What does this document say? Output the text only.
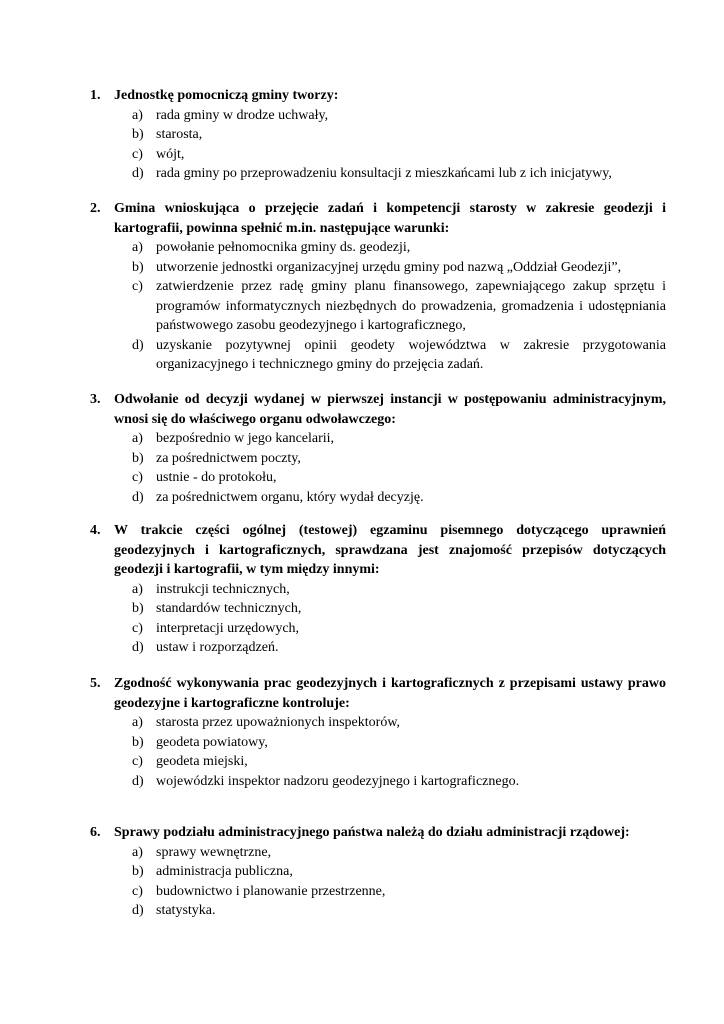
1. Jednostkę pomocniczą gminy tworzy:
a) rada gminy w drodze uchwały,
b) starosta,
c) wójt,
d) rada gminy po przeprowadzeniu konsultacji z mieszkańcami lub z ich inicjatywy,
2. Gmina wnioskująca o przejęcie zadań i kompetencji starosty w zakresie geodezji i kartografii, powinna spełnić m.in. następujące warunki:
a) powołanie pełnomocnika gminy ds. geodezji,
b) utworzenie jednostki organizacyjnej urzędu gminy pod nazwą „Oddział Geodezji”,
c) zatwierdzenie przez radę gminy planu finansowego, zapewniającego zakup sprzętu i programów informatycznych niezbędnych do prowadzenia, gromadzenia i udostępniania państwowego zasobu geodezyjnego i kartograficznego,
d) uzyskanie pozytywnej opinii geodety województwa w zakresie przygotowania organizacyjnego i technicznego gminy do przejęcia zadań.
3. Odwołanie od decyzji wydanej w pierwszej instancji w postępowaniu administracyjnym, wnosi się do właściwego organu odwoławczego:
a) bezpośrednio w jego kancelarii,
b) za pośrednictwem poczty,
c) ustnie - do protokołu,
d) za pośrednictwem organu, który wydał decyzję.
4. W trakcie części ogólnej (testowej) egzaminu pisemnego dotyczącego uprawnień geodezyjnych i kartograficznych, sprawdzana jest znajomość przepisów dotyczących geodezji i kartografii, w tym między innymi:
a) instrukcji technicznych,
b) standardów technicznych,
c) interpretacji urzędowych,
d) ustaw i rozporządzeń.
5. Zgodność wykonywania prac geodezyjnych i kartograficznych z przepisami ustawy prawo geodezyjne i kartograficzne kontroluje:
a) starosta przez upoważnionych inspektorów,
b) geodeta powiatowy,
c) geodeta miejski,
d) wojewódzki inspektor nadzoru geodezyjnego i kartograficznego.
6. Sprawy podziału administracyjnego państwa należą do działu administracji rządowej:
a) sprawy wewnętrzne,
b) administracja publiczna,
c) budownictwo i planowanie przestrzenne,
d) statystyka.
